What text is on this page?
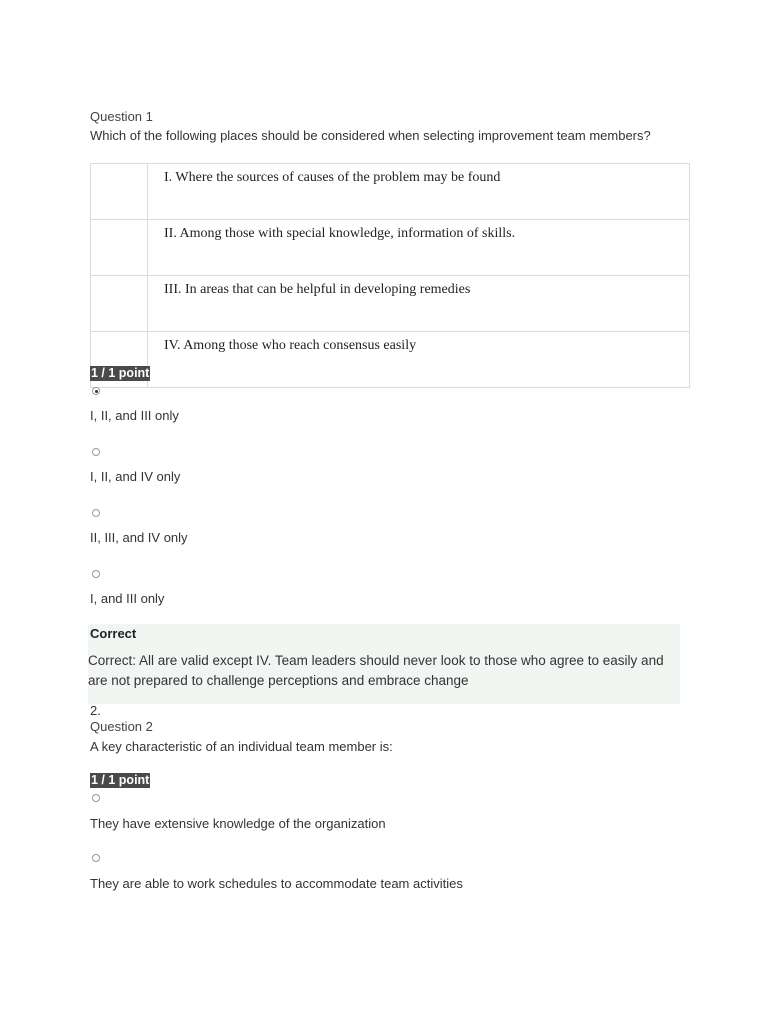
Question 1
Which of the following places should be considered when selecting improvement team members?
	I. Where the sources of causes of the problem may be found
	II. Among those with special knowledge, information of skills.
	III. In areas that can be helpful in developing remedies
	IV. Among those who reach consensus easily
1 / 1 point
I, II, and III only
I, II, and IV only
II, III, and IV only
I, and III only
Correct
Correct: All are valid except IV. Team leaders should never look to those who agree to easily and are not prepared to challenge perceptions and embrace change
2.
Question 2
A key characteristic of an individual team member is:
1 / 1 point
They have extensive knowledge of the organization
They are able to work schedules to accommodate team activities
